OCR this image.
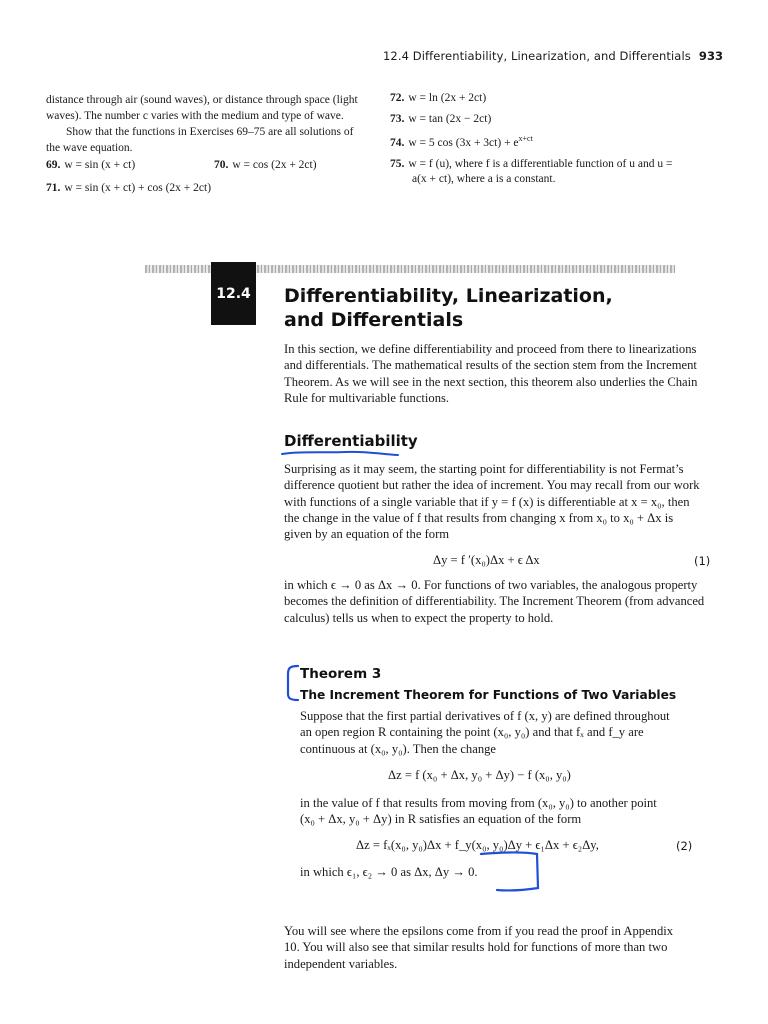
12.4 Differentiability, Linearization, and Differentials 933

distance through air (sound waves), or distance through space (light

waves). The number c varies with the medium and type of wave.

Show that the functions in Exercises 69–75 are all solutions of

the wave equation.

69. w = sin (x + ct)	70. w = cos (2x + 2ct)
71. w = sin (x + ct) + cos (2x + 2ct)
72. w = ln (2x + 2ct)
73. w = tan (2x − 2ct)
74. w = 5 $\cos (3x + 3ct) + e^{x+ct}$
75. w = f (u), where f is a differentiable function of u and u =
a(x + ct), where a is a constant.
12.4 Differentiability, Linearization,
and Differentials
In this section, we define differentiability and proceed from there to linearizations
and differentials. The mathematical results of the section stem from the Increment
Theorem. As we will see in the next section, this theorem also underlies the Chain
Rule for multivariable functions.
Differentiability
Surprising as it may seem, the starting point for differentiability is not Fermat’s
difference quotient but rather the idea of increment. You may recall from our work
with functions of a single variable that if y = f (x) is differentiable at x = x₀, then
the change in the value of f that results from changing x from x₀ to x₀ + Δx is
given by an equation of the form
Δy = f ′(x₀)Δx + ϵ Δx	(1)
in which ϵ → 0 as Δx → 0. For functions of two variables, the analogous property
becomes the definition of differentiability. The Increment Theorem (from advanced
calculus) tells us when to expect the property to hold.
Theorem 3
The Increment Theorem for Functions of Two Variables
Suppose that the first partial derivatives of f (x, y) are defined throughout
an open region R containing the point (x₀, y₀) and that fₓ and f_y are
continuous at (x₀, y₀). Then the change
Δz = f (x₀ + Δx, y₀ + Δy) − f (x₀, y₀)
in the value of f that results from moving from (x₀, y₀) to another point
(x₀ + Δx, y₀ + Δy) in R satisfies an equation of the form
Δz = fₓ(x₀, y₀)Δx + f_y(x₀, y₀)Δy + ϵ₁Δx + ϵ₂Δy,	(2)
in which ϵ₁, ϵ₂ → 0 as Δx, Δy → 0.
You will see where the epsilons come from if you read the proof in Appendix
10. You will also see that similar results hold for functions of more than two
independent variables.
